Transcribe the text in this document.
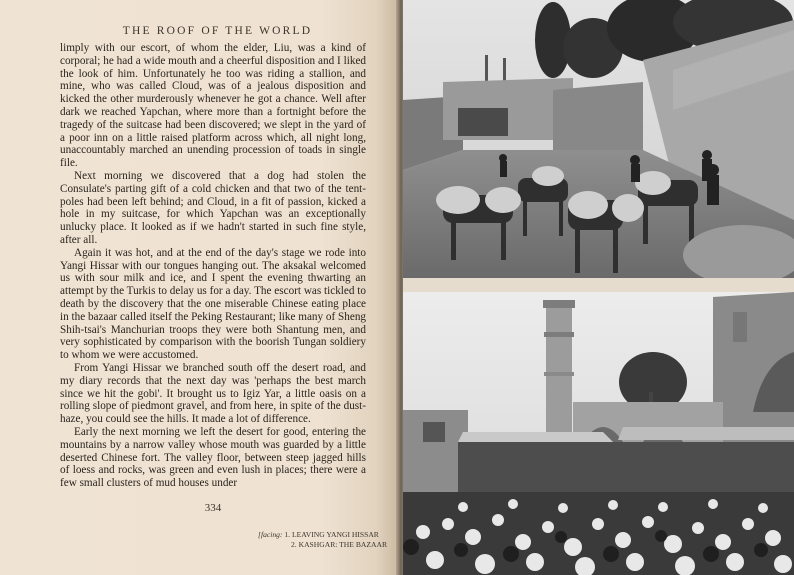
THE ROOF OF THE WORLD

limply with our escort, of whom the elder, Liu, was a kind of corporal; he had a wide mouth and a cheerful disposition and I liked the look of him. Unfortunately he too was riding a stallion, and mine, who was called Cloud, was of a jealous disposition and kicked the other murderously whenever he got a chance. Well after dark we reached Yapchan, where more than a fortnight before the tragedy of the suitcase had been discovered; we slept in the yard of a poor inn on a little raised platform across which, all night long, unaccountably marched an unending procession of toads in single file.

Next morning we discovered that a dog had stolen the Consulate's parting gift of a cold chicken and that two of the tent-poles had been left behind; and Cloud, in a fit of passion, kicked a hole in my suitcase, for which Yapchan was an exceptionally unlucky place. It looked as if we hadn't started in such fine style, after all.

Again it was hot, and at the end of the day's stage we rode into Yangi Hissar with our tongues hanging out. The aksakal welcomed us with sour milk and ice, and I spent the evening thwarting an attempt by the Turkis to delay us for a day. The escort was tickled to death by the discovery that the one miserable Chinese eating place in the bazaar called itself the Peking Restaurant; like many of Sheng Shih-tsai's Manchurian troops they were both Shantung men, and very sophisticated by comparison with the boorish Tungan soldiery to whom we were accustomed.

From Yangi Hissar we branched south off the desert road, and my diary records that the next day was 'perhaps the best march since we hit the gobi'. It brought us to Igiz Yar, a little oasis on a rolling slope of piedmont gravel, and from here, in spite of the dust-haze, you could see the hills. It made a lot of difference.

Early the next morning we left the desert for good, entering the mountains by a narrow valley whose mouth was guarded by a little deserted Chinese fort. The valley floor, between steep jagged hills of loess and rocks, was green and even lush in places; there were a few small clusters of mud houses under

334
[facing: 1. LEAVING YANGI HISSAR
2. KASHGAR: THE BAZAAR
